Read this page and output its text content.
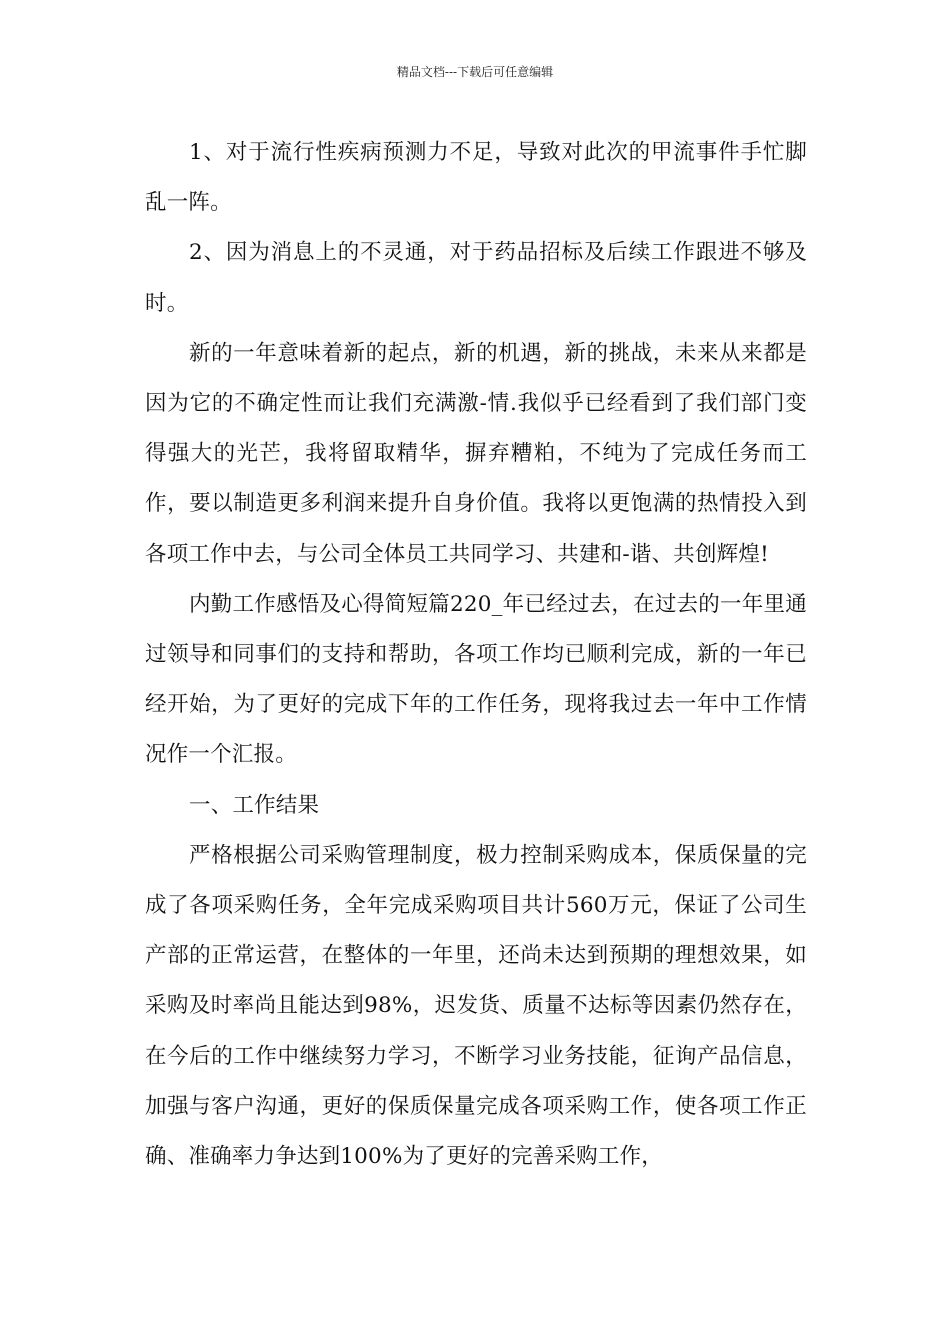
精品文档---下载后可任意编辑

1、对于流行性疾病预测力不足，导致对此次的甲流事件手忙脚乱一阵。

2、因为消息上的不灵通，对于药品招标及后续工作跟进不够及时。

新的一年意味着新的起点，新的机遇，新的挑战，未来从来都是因为它的不确定性而让我们充满激-情.我似乎已经看到了我们部门变得强大的光芒，我将留取精华，摒弃糟粕，不纯为了完成任务而工作，要以制造更多利润来提升自身价值。我将以更饱满的热情投入到各项工作中去，与公司全体员工共同学习、共建和-谐、共创辉煌!

内勤工作感悟及心得简短篇220_年已经过去，在过去的一年里通过领导和同事们的支持和帮助，各项工作均已顺利完成，新的一年已经开始，为了更好的完成下年的工作任务，现将我过去一年中工作情况作一个汇报。

一、工作结果

严格根据公司采购管理制度，极力控制采购成本，保质保量的完成了各项采购任务，全年完成采购项目共计560万元，保证了公司生产部的正常运营，在整体的一年里，还尚未达到预期的理想效果，如采购及时率尚且能达到98%，迟发货、质量不达标等因素仍然存在，在今后的工作中继续努力学习，不断学习业务技能，征询产品信息，加强与客户沟通，更好的保质保量完成各项采购工作，使各项工作正确、准确率力争达到100%为了更好的完善采购工作，
